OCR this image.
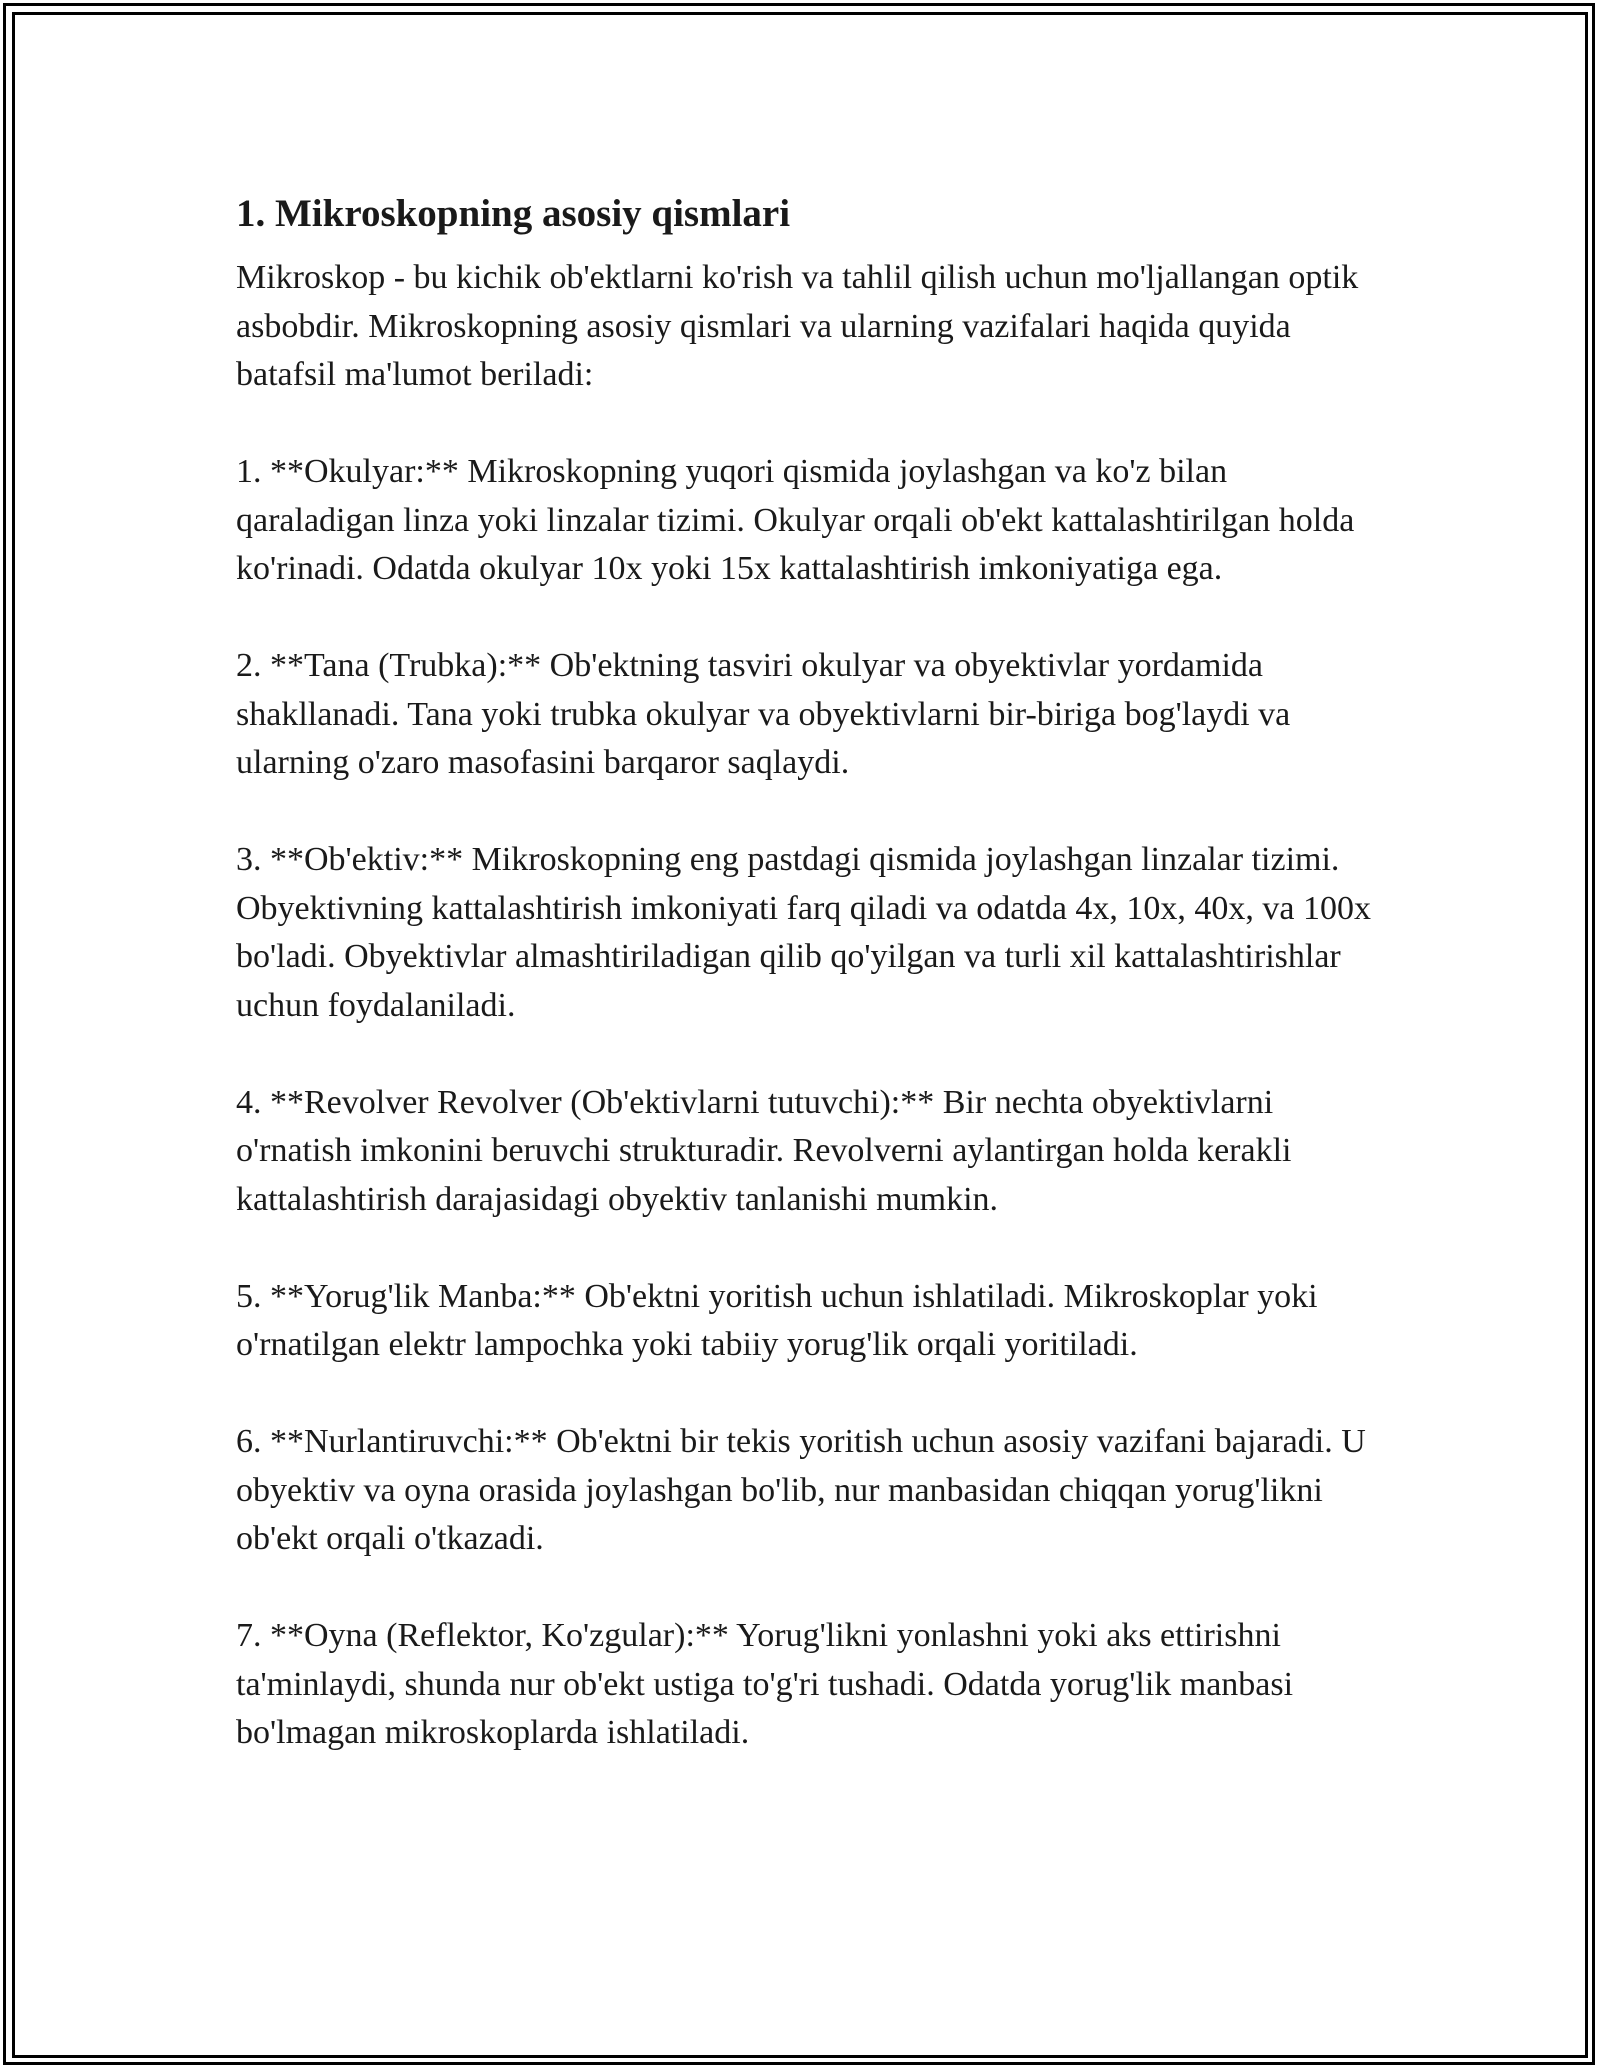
1. Mikroskopning asosiy qismlari

Mikroskop - bu kichik ob'ektlarni ko'rish va tahlil qilish uchun mo'ljallangan optik asbobdir. Mikroskopning asosiy qismlari va ularning vazifalari haqida quyida batafsil ma'lumot beriladi:

1. **Okulyar:** Mikroskopning yuqori qismida joylashgan va ko'z bilan qaraladigan linza yoki linzalar tizimi. Okulyar orqali ob'ekt kattalashtirilgan holda ko'rinadi. Odatda okulyar 10x yoki 15x kattalashtirish imkoniyatiga ega.

2. **Tana (Trubka):** Ob'ektning tasviri okulyar va obyektivlar yordamida shakllanadi. Tana yoki trubka okulyar va obyektivlarni bir-biriga bog'laydi va ularning o'zaro masofasini barqaror saqlaydi.

3. **Ob'ektiv:** Mikroskopning eng pastdagi qismida joylashgan linzalar tizimi. Obyektivning kattalashtirish imkoniyati farq qiladi va odatda 4x, 10x, 40x, va 100x bo'ladi. Obyektivlar almashtiriladigan qilib qo'yilgan va turli xil kattalashtirishlar uchun foydalaniladi.

4. **Revolver Revolver (Ob'ektivlarni tutuvchi):** Bir nechta obyektivlarni o'rnatish imkonini beruvchi strukturadir. Revolverni aylantirgan holda kerakli kattalashtirish darajasidagi obyektiv tanlanishi mumkin.

5. **Yorug'lik Manba:** Ob'ektni yoritish uchun ishlatiladi. Mikroskoplar yoki o'rnatilgan elektr lampochka yoki tabiiy yorug'lik orqali yoritiladi.

6. **Nurlantiruvchi:** Ob'ektni bir tekis yoritish uchun asosiy vazifani bajaradi. U obyektiv va oyna orasida joylashgan bo'lib, nur manbasidan chiqqan yorug'likni ob'ekt orqali o'tkazadi.

7. **Oyna (Reflektor, Ko'zgular):** Yorug'likni yonlashni yoki aks ettirishni ta'minlaydi, shunda nur ob'ekt ustiga to'g'ri tushadi. Odatda yorug'lik manbasi bo'lmagan mikroskoplarda ishlatiladi.
